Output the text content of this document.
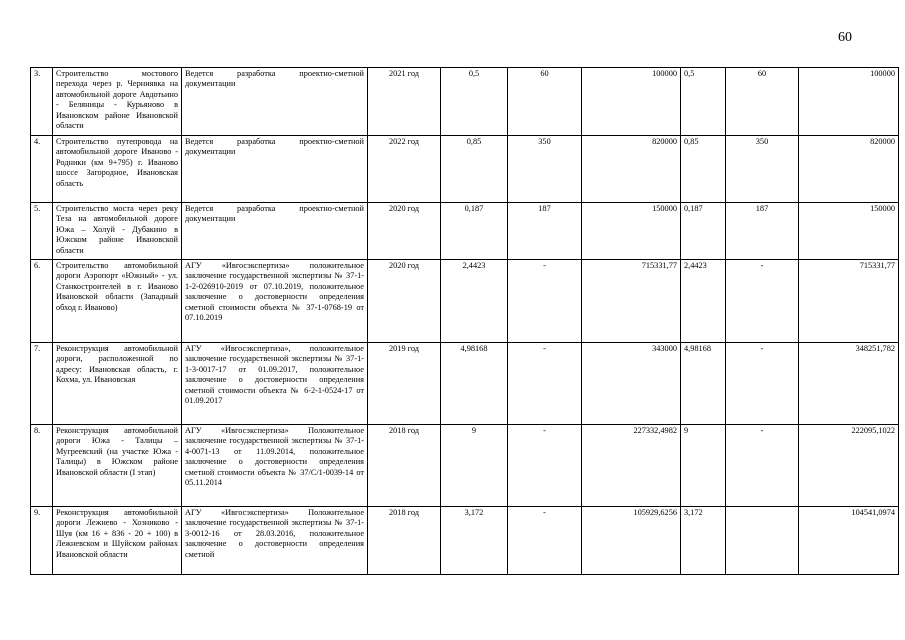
60
3.	Строительство мостового перехода через р. Черниявка на автомобильной дороге Авдотьино - Беляницы - Курьяново в Ивановском районе Ивановской области	Ведется разработка проектно-сметной документации	2021 год	0,5	60	100000	0,5	60	100000
4.	Строительство путепровода на автомобильной дороге Иваново - Родники (км 9+795) г. Иваново шоссе Загородное, Ивановская область	Ведется разработка проектно-сметной документации	2022 год	0,85	350	820000	0,85	350	820000
5.	Строительство моста через реку Теза на автомобильной дороге Южа – Холуй - Дубакино в Южском районе Ивановской области	Ведется разработка проектно-сметной документации	2020 год	0,187	187	150000	0,187	187	150000
6.	Строительство автомобильной дороги Аэропорт «Южный» - ул. Станкостроителей в г. Иваново Ивановской области (Западный обход г. Иваново)	АГУ «Ивгосэкспертиза» положительное заключение государственной экспертизы № 37-1-1-2-026910-2019 от 07.10.2019, положительное заключение о достоверности определения сметной стоимости объекта № 37-1-0768-19 от 07.10.2019	2020 год	2,4423	-	715331,77	2,4423	-	715331,77
7.	Реконструкция автомобильной дороги, расположенной по адресу: Ивановская область, г. Кохма, ул. Ивановская	АГУ «Ивгосэкспертиза», положительное заключение государственной экспертизы № 37-1-1-3-0017-17 от 01.09.2017, положительное заключение о достоверности определения сметной стоимости объекта № 6-2-1-0524-17 от 01.09.2017	2019 год	4,98168	-	343000	4,98168	-	348251,782
8.	Реконструкция автомобильной дороги Южа - Талицы – Мугреевский (на участке Южа - Талицы) в Южском районе Ивановской области (I этап)	АГУ «Ивгосэкспертиза» Положительное заключение государственной экспертизы № 37-1-4-0071-13 от 11.09.2014, положительное заключение о достоверности определения сметной стоимости объекта № 37/С/1-0039-14 от 05.11.2014	2018 год	9	-	227332,4982	9	-	222095,1022
9.	Реконструкция автомобильной дороги Лежнево - Хозниково - Шуя (км 16 + 836 - 20 + 100) в Лежневском и Шуйском районах Ивановской области	АГУ «Ивгосэкспертиза» Положительное заключение государственной экспертизы № 37-1-3-0012-16 от 28.03.2016, положительное заключение о достоверности определения сметной	2018 год	3,172	-	105929,6256	3,172		104541,0974
